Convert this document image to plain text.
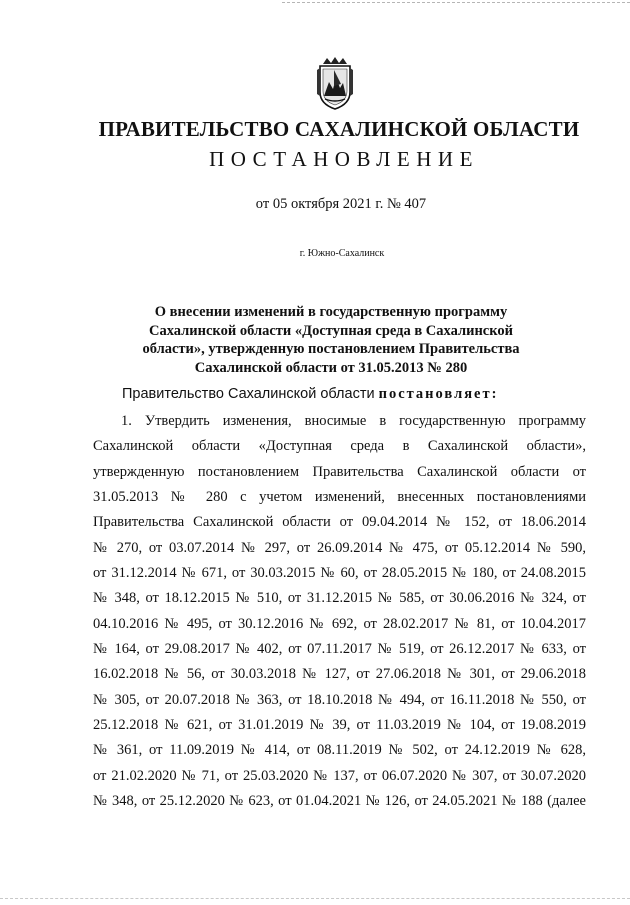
ПРАВИТЕЛЬСТВО САХАЛИНСКОЙ ОБЛАСТИ
ПОСТАНОВЛЕНИЕ
от 05 октября 2021 г. № 407
г. Южно-Сахалинск
О внесении изменений в государственную программу
Сахалинской области «Доступная среда в Сахалинской
области», утвержденную постановлением Правительства
Сахалинской области от 31.05.2013 № 280
Правительство Сахалинской области постановляет:
1. Утвердить изменения, вносимые в государственную программу
Сахалинской области «Доступная среда в Сахалинской области»,
утвержденную постановлением Правительства Сахалинской области от
31.05.2013 № 280 с учетом изменений, внесенных постановлениями
Правительства Сахалинской области от 09.04.2014 № 152, от 18.06.2014
№ 270, от 03.07.2014 № 297, от 26.09.2014 № 475, от 05.12.2014 № 590,
от 31.12.2014 № 671, от 30.03.2015 № 60, от 28.05.2015 № 180, от 24.08.2015
№ 348, от 18.12.2015 № 510, от 31.12.2015 № 585, от 30.06.2016 № 324, от
04.10.2016 № 495, от 30.12.2016 № 692, от 28.02.2017 № 81, от 10.04.2017
№ 164, от 29.08.2017 № 402, от 07.11.2017 № 519, от 26.12.2017 № 633, от
16.02.2018 № 56, от 30.03.2018 № 127, от 27.06.2018 № 301, от 29.06.2018
№ 305, от 20.07.2018 № 363, от 18.10.2018 № 494, от 16.11.2018 № 550, от
25.12.2018 № 621, от 31.01.2019 № 39, от 11.03.2019 № 104, от 19.08.2019
№ 361, от 11.09.2019 № 414, от 08.11.2019 № 502, от 24.12.2019 № 628,
от 21.02.2020 № 71, от 25.03.2020 № 137, от 06.07.2020 № 307, от 30.07.2020
№ 348, от 25.12.2020 № 623, от 01.04.2021 № 126, от 24.05.2021 № 188 (далее
